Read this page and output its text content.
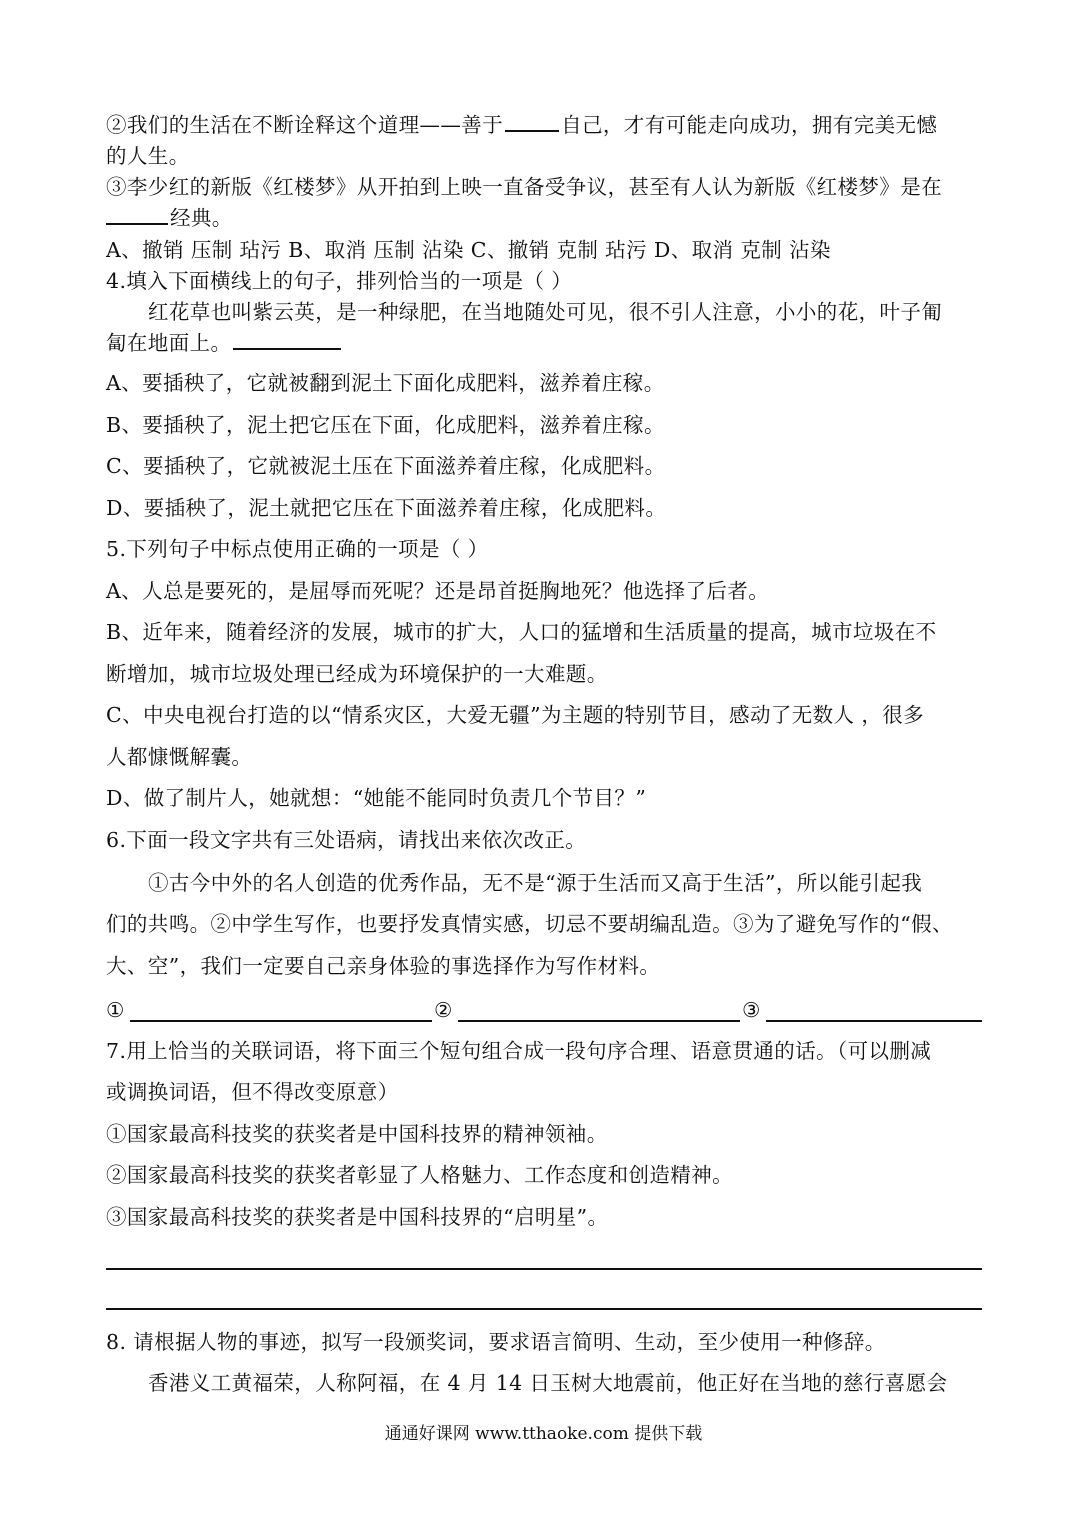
②我们的生活在不断诠释这个道理——善于	自己，才有可能走向成功，拥有完美无憾
的人生。
③李少红的新版《红楼梦》从开拍到上映一直备受争议，甚至有人认为新版《红楼梦》是在
经典。
A、撤销 压制 玷污 B、取消 压制 沾染 C、撤销 克制 玷污 D、取消 克制 沾染
4.填入下面横线上的句子，排列恰当的一项是（ ）
红花草也叫紫云英，是一种绿肥，在当地随处可见，很不引人注意，小小的花，叶子匍
匐在地面上。
A、要插秧了，它就被翻到泥土下面化成肥料，滋养着庄稼。
B、要插秧了，泥土把它压在下面，化成肥料，滋养着庄稼。
C、要插秧了，它就被泥土压在下面滋养着庄稼，化成肥料。
D、要插秧了，泥土就把它压在下面滋养着庄稼，化成肥料。
5.下列句子中标点使用正确的一项是（ ）
A、人总是要死的，是屈辱而死呢？还是昂首挺胸地死？他选择了后者。
B、近年来，随着经济的发展，城市的扩大，人口的猛增和生活质量的提高，城市垃圾在不
断增加，城市垃圾处理已经成为环境保护的一大难题。
C、中央电视台打造的以“情系灾区，大爱无疆”为主题的特别节目，感动了无数人 ，很多
人都慷慨解囊。
D、做了制片人，她就想：“她能不能同时负责几个节目？”
6.下面一段文字共有三处语病，请找出来依次改正。
①古今中外的名人创造的优秀作品，无不是“源于生活而又高于生活”，所以能引起我
们的共鸣。②中学生写作，也要抒发真情实感，切忌不要胡编乱造。③为了避免写作的“假、
大、空”，我们一定要自己亲身体验的事选择作为写作材料。
①	②	③
7.用上恰当的关联词语，将下面三个短句组合成一段句序合理、语意贯通的话。（可以删减
或调换词语，但不得改变原意）
①国家最高科技奖的获奖者是中国科技界的精神领袖。
②国家最高科技奖的获奖者彰显了人格魅力、工作态度和创造精神。
③国家最高科技奖的获奖者是中国科技界的“启明星”。
8. 请根据人物的事迹，拟写一段颁奖词，要求语言简明、生动，至少使用一种修辞。
香港义工黄福荣，人称阿福，在 4 月 14 日玉树大地震前，他正好在当地的慈行喜愿会
通通好课网 www.tthaoke.com 提供下载
